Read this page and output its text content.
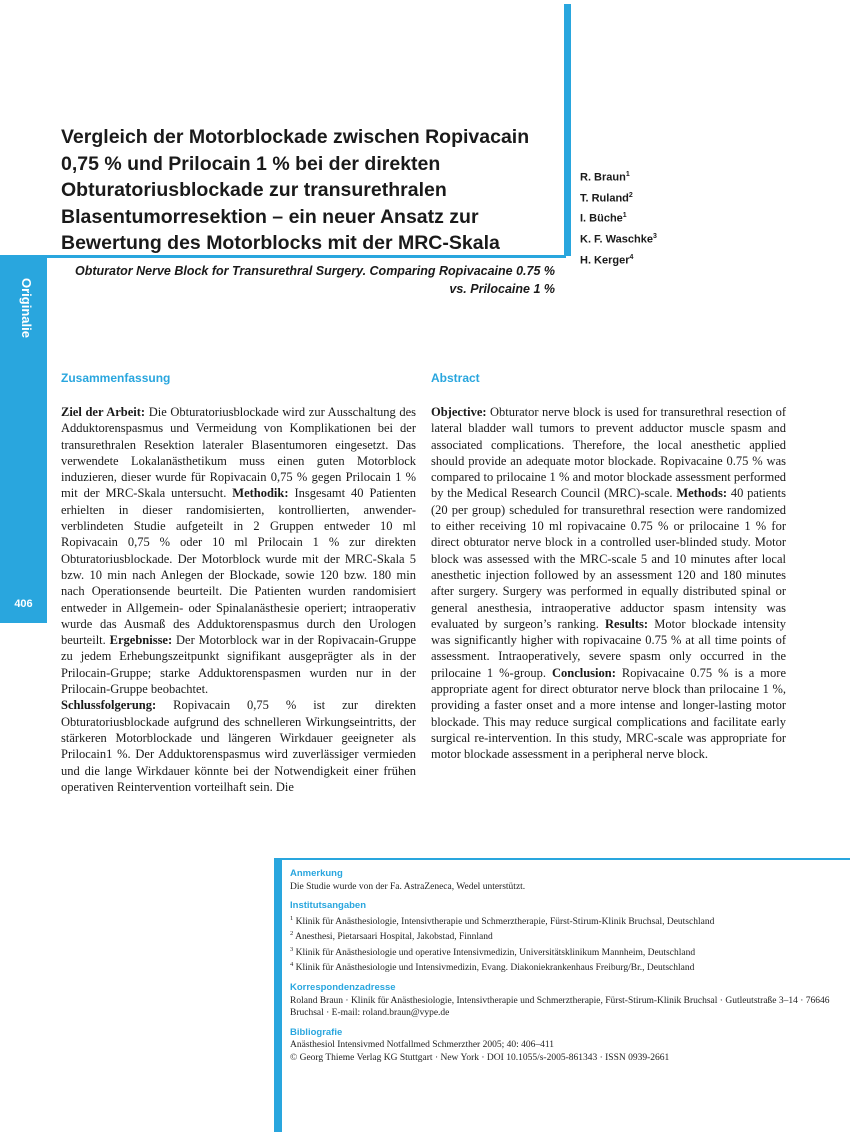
Originalie
406
Vergleich der Motorblockade zwischen Ropivacain 0,75 % und Prilocain 1 % bei der direkten Obturatoriusblockade zur transurethralen Blasentumorresektion – ein neuer Ansatz zur Bewertung des Motorblocks mit der MRC-Skala
R. Braun$^1$
T. Ruland$^2$
I. Büche$^1$
K. F. Waschke$^3$
H. Kerger$^4$
Obturator Nerve Block for Transurethral Surgery. Comparing Ropivacaine 0.75 % vs. Prilocaine 1 %
Zusammenfassung	Abstract
Ziel der Arbeit: Die Obturatoriusblockade wird zur Ausschaltung des Adduktorenspasmus und Vermeidung von Komplikationen bei der transurethralen Resektion lateraler Blasentumoren eingesetzt. Das verwendete Lokalanästhetikum muss einen guten Motorblock induzieren, dieser wurde für Ropivacain 0,75 % gegen Prilocain 1 % mit der MRC-Skala untersucht. Methodik: Insgesamt 40 Patienten erhielten in dieser randomisierten, kontrollierten, anwender-verblindeten Studie aufgeteilt in 2 Gruppen entweder 10 ml Ropivacain 0,75 % oder 10 ml Prilocain 1 % zur direkten Obturatoriusblockade. Der Motorblock wurde mit der MRC-Skala 5 bzw. 10 min nach Anlegen der Blockade, sowie 120 bzw. 180 min nach Operationsende beurteilt. Die Patienten wurden randomisiert entweder in Allgemein- oder Spinalanästhesie operiert; intraoperativ wurde das Ausmaß des Adduktorenspasmus durch den Urologen beurteilt. Ergebnisse: Der Motorblock war in der Ropivacain-Gruppe zu jedem Erhebungszeitpunkt signifikant ausgeprägter als in der Prilocain-Gruppe; starke Adduktorenspasmen wurden nur in der Prilocain-Gruppe beobachtet.
Schlussfolgerung: Ropivacain 0,75 % ist zur direkten Obturatoriusblockade aufgrund des schnelleren Wirkungseintritts, der stärkeren Motorblockade und längeren Wirkdauer geeigneter als Prilocain1 %. Der Adduktorenspasmus wird zuverlässiger vermieden und die lange Wirkdauer könnte bei der Notwendigkeit einer frühen operativen Reintervention vorteilhaft sein. Die
Objective: Obturator nerve block is used for transurethral resection of lateral bladder wall tumors to prevent adductor muscle spasm and associated complications. Therefore, the local anesthetic applied should provide an adequate motor blockade. Ropivacaine 0.75 % was compared to prilocaine 1 % and motor blockade assessment performed by the Medical Research Council (MRC)-scale. Methods: 40 patients (20 per group) scheduled for transurethral resection were randomized to either receiving 10 ml ropivacaine 0.75 % or prilocaine 1 % for direct obturator nerve block in a controlled user-blinded study. Motor block was assessed with the MRC-scale 5 and 10 minutes after local anesthetic injection followed by an assessment 120 and 180 minutes after surgery. Surgery was performed in equally distributed spinal or general anesthesia, intraoperative adductor spasm intensity was evaluated by surgeon’s ranking. Results: Motor blockade intensity was significantly higher with ropivacaine 0.75 % at all time points of assessment. Intraoperatively, severe spasm only occurred in the prilocaine 1 %-group. Conclusion: Ropivacaine 0.75 % is a more appropriate agent for direct obturator nerve block than prilocaine 1 %, providing a faster onset and a more intense and longer-lasting motor blockade. This may reduce surgical complications and facilitate early surgical re-intervention. In this study, MRC-scale was appropriate for motor blockade assessment in a peripheral nerve block.
Anmerkung
Die Studie wurde von der Fa. AstraZeneca, Wedel unterstützt.
Institutsangaben
$^1$ Klinik für Anästhesiologie, Intensivtherapie und Schmerztherapie, Fürst-Stirum-Klinik Bruchsal, Deutschland
$^2$ Anesthesi, Pietarsaari Hospital, Jakobstad, Finnland
$^3$ Klinik für Anästhesiologie und operative Intensivmedizin, Universitätsklinikum Mannheim, Deutschland
$^4$ Klinik für Anästhesiologie und Intensivmedizin, Evang. Diakoniekrankenhaus Freiburg/Br., Deutschland
Korrespondenzadresse
Roland Braun · Klinik für Anästhesiologie, Intensivtherapie und Schmerztherapie, Fürst-Stirum-Klinik Bruchsal · Gutleutstraße 3–14 · 76646 Bruchsal · E-mail: roland.braun@vype.de
Bibliografie
Anästhesiol Intensivmed Notfallmed Schmerzther 2005; 40: 406–411
© Georg Thieme Verlag KG Stuttgart · New York · DOI 10.1055/s-2005-861343 · ISSN 0939-2661
